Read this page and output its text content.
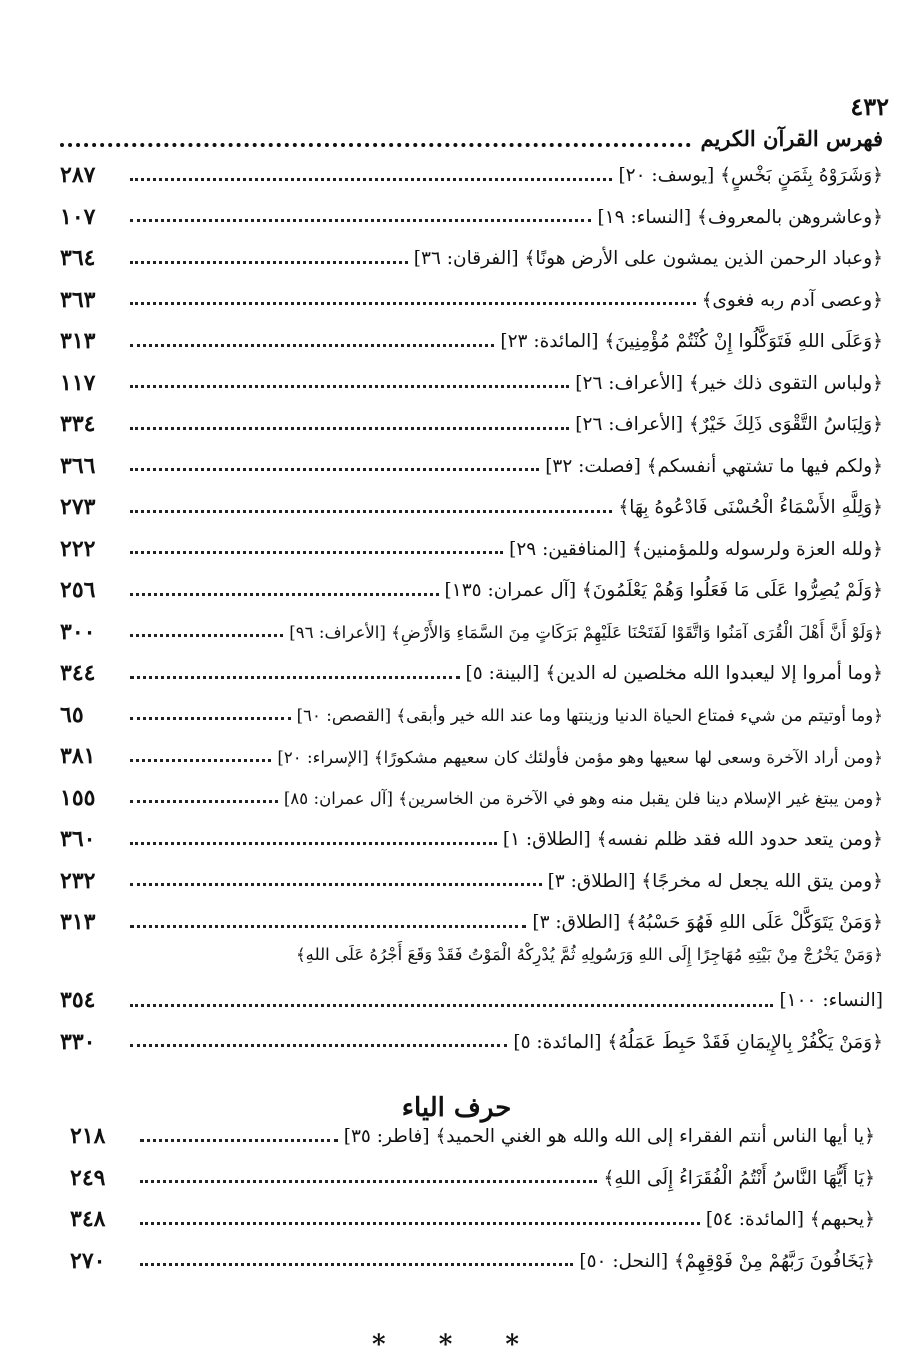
٤٣٢
فهرس القرآن الكريم
﴿وَشَرَوْهُ بِثَمَنٍ بَخْسٍ﴾ [يوسف: ٢٠]
٢٨٧
﴿وعاشروهن بالمعروف﴾ [النساء: ١٩]
١٠٧
﴿وعباد الرحمن الذين يمشون على الأرض هونًا﴾ [الفرقان: ٣٦]
٣٦٤
﴿وعصى آدم ربه فغوى﴾
٣٦٣
﴿وَعَلَى اللهِ فَتَوَكَّلُوا إِنْ كُنْتُمْ مُؤْمِنِينَ﴾ [المائدة: ٢٣]
٣١٣
﴿ولباس التقوى ذلك خير﴾ [الأعراف: ٢٦]
١١٧
﴿وَلِبَاسُ التَّقْوَى ذَلِكَ خَيْرٌ﴾ [الأعراف: ٢٦]
٣٣٤
﴿ولكم فيها ما تشتهي أنفسكم﴾ [فصلت: ٣٢]
٣٦٦
﴿وَلِلَّهِ الأَسْمَاءُ الْحُسْنَى فَادْعُوهُ بِهَا﴾
٢٧٣
﴿ولله العزة ولرسوله وللمؤمنين﴾ [المنافقين: ٢٩]
٢٢٢
﴿وَلَمْ يُصِرُّوا عَلَى مَا فَعَلُوا وَهُمْ يَعْلَمُونَ﴾ [آل عمران: ١٣٥]
٢٥٦
﴿وَلَوْ أَنَّ أَهْلَ الْقُرَى آمَنُوا وَاتَّقَوْا لَفَتَحْنَا عَلَيْهِمْ بَرَكَاتٍ مِنَ السَّمَاءِ وَالأَرْضِ﴾ [الأعراف: ٩٦]
٣٠٠
﴿وما أمروا إلا ليعبدوا الله مخلصين له الدين﴾ [البينة: ٥]
٣٤٤
﴿وما أوتيتم من شيء فمتاع الحياة الدنيا وزينتها وما عند الله خير وأبقى﴾ [القصص: ٦٠]
٦٥
﴿ومن أراد الآخرة وسعى لها سعيها وهو مؤمن فأولئك كان سعيهم مشكورًا﴾ [الإسراء: ٢٠]
٣٨١
﴿ومن يبتغ غير الإسلام دينا فلن يقبل منه وهو في الآخرة من الخاسرين﴾ [آل عمران: ٨٥]
١٥٥
﴿ومن يتعد حدود الله فقد ظلم نفسه﴾ [الطلاق: ١]
٣٦٠
﴿ومن يتق الله يجعل له مخرجًا﴾ [الطلاق: ٣]
٢٣٢
﴿وَمَنْ يَتَوَكَّلْ عَلَى اللهِ فَهُوَ حَسْبُهُ﴾ [الطلاق: ٣]
٣١٣
﴿وَمَنْ يَخْرُجْ مِنْ بَيْتِهِ مُهَاجِرًا إِلَى اللهِ وَرَسُولِهِ ثُمَّ يُدْرِكْهُ الْمَوْتُ فَقَدْ وَقَعَ أَجْرُهُ عَلَى اللهِ﴾
[النساء: ١٠٠]
٣٥٤
﴿وَمَنْ يَكْفُرْ بِالإِيمَانِ فَقَدْ حَبِطَ عَمَلُهُ﴾ [المائدة: ٥]
٣٣٠
حرف الياء
﴿يا أيها الناس أنتم الفقراء إلى الله والله هو الغني الحميد﴾ [فاطر: ٣٥]
٢١٨
﴿يَا أَيُّهَا النَّاسُ أَنْتُمُ الْفُقَرَاءُ إِلَى اللهِ﴾
٢٤٩
﴿يحبهم﴾ [المائدة: ٥٤]
٣٤٨
﴿يَخَافُونَ رَبَّهُمْ مِنْ فَوْقِهِمْ﴾ [النحل: ٥٠]
٢٧٠
* * *
